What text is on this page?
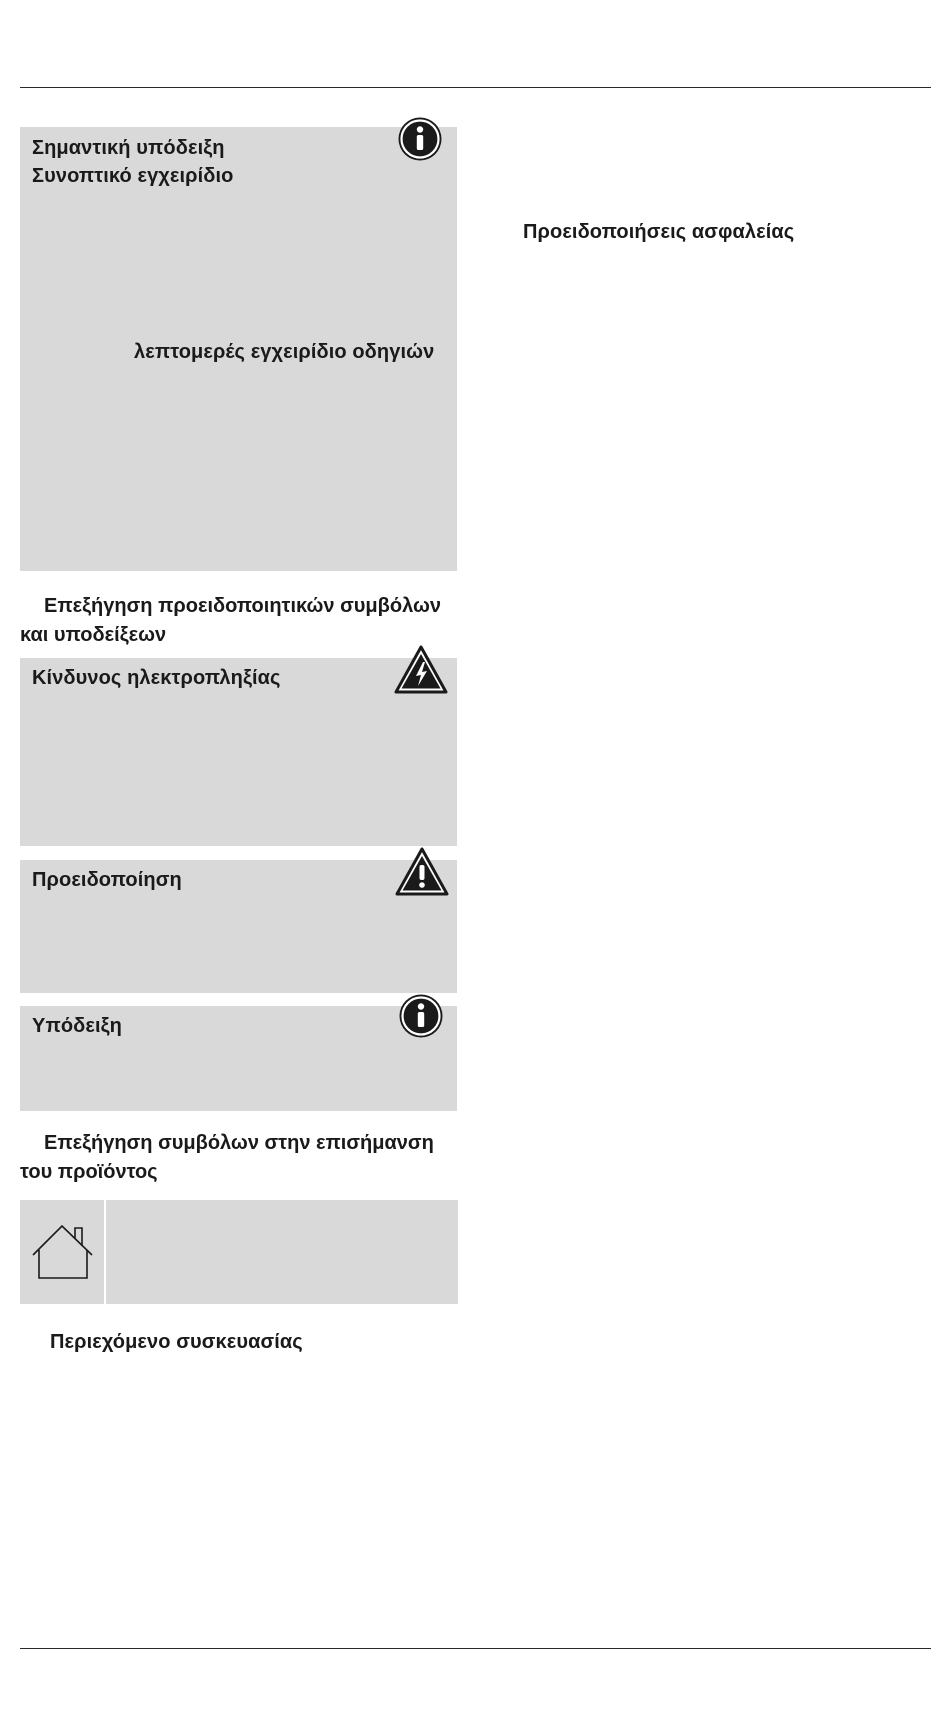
Σημαντική υπόδειξη
Συνοπτικό εγχειρίδιο
λεπτομερές εγχειρίδιο οδηγιών
Προειδοποιήσεις ασφαλείας
Επεξήγηση προειδοποιητικών συμβόλων και υποδείξεων
Κίνδυνος ηλεκτροπληξίας
Προειδοποίηση
Υπόδειξη
Επεξήγηση συμβόλων στην επισήμανση του προϊόντος
Περιεχόμενο συσκευασίας
